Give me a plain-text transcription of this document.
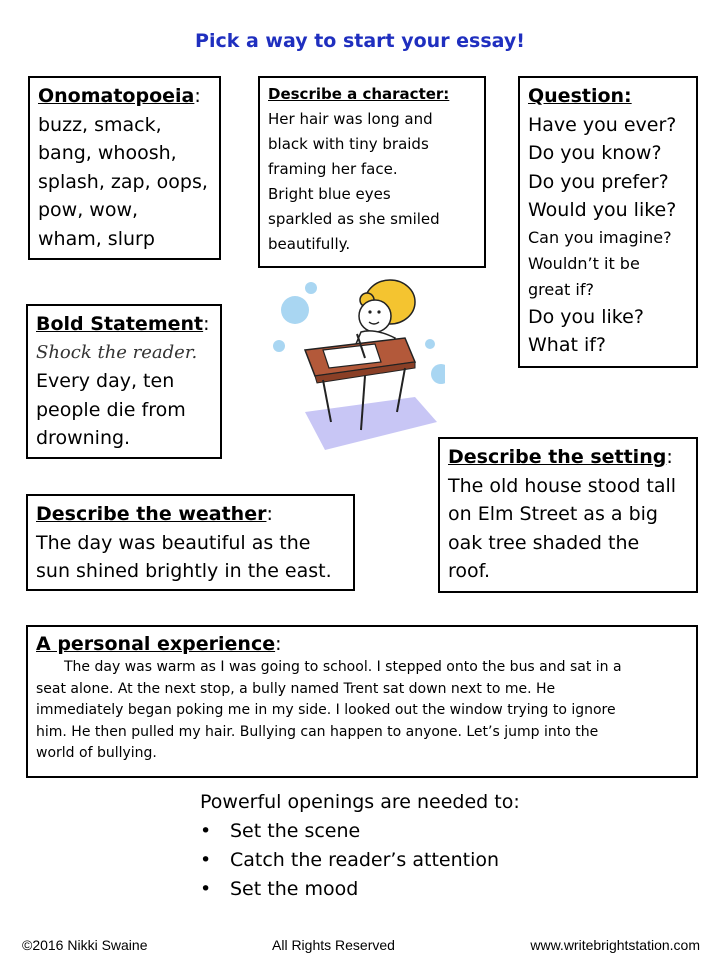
Pick a way to start your essay!
Onomatopoeia:
buzz, smack,
bang, whoosh,
splash, zap, oops,
pow, wow,
wham, slurp
Describe a character:
Her hair was long and
black with tiny braids
framing her face.
Bright blue eyes
sparkled as she smiled
beautifully.
Question:
Have you ever?
Do you know?
Do you prefer?
Would you like?
Can you imagine?
Wouldn’t it be
great if?
Do you like?
What if?
Bold Statement:
Shock the reader.
Every day, ten
people die from
drowning.
Describe the setting:
The old house stood tall
on Elm Street as a big
oak tree shaded the
roof.
Describe the weather:
The day was beautiful as the
sun shined brightly in the east.
A personal experience:
The day was warm as I was going to school. I stepped onto the bus and sat in a
seat alone. At the next stop, a bully named Trent sat down next to me. He
immediately began poking me in my side. I looked out the window trying to ignore
him. He then pulled my hair. Bullying can happen to anyone. Let’s jump into the
world of bullying.
Powerful openings are needed to:
• Set the scene
• Catch the reader’s attention
• Set the mood
©2016 Nikki Swaine	All Rights Reserved	www.writebrightstation.com
